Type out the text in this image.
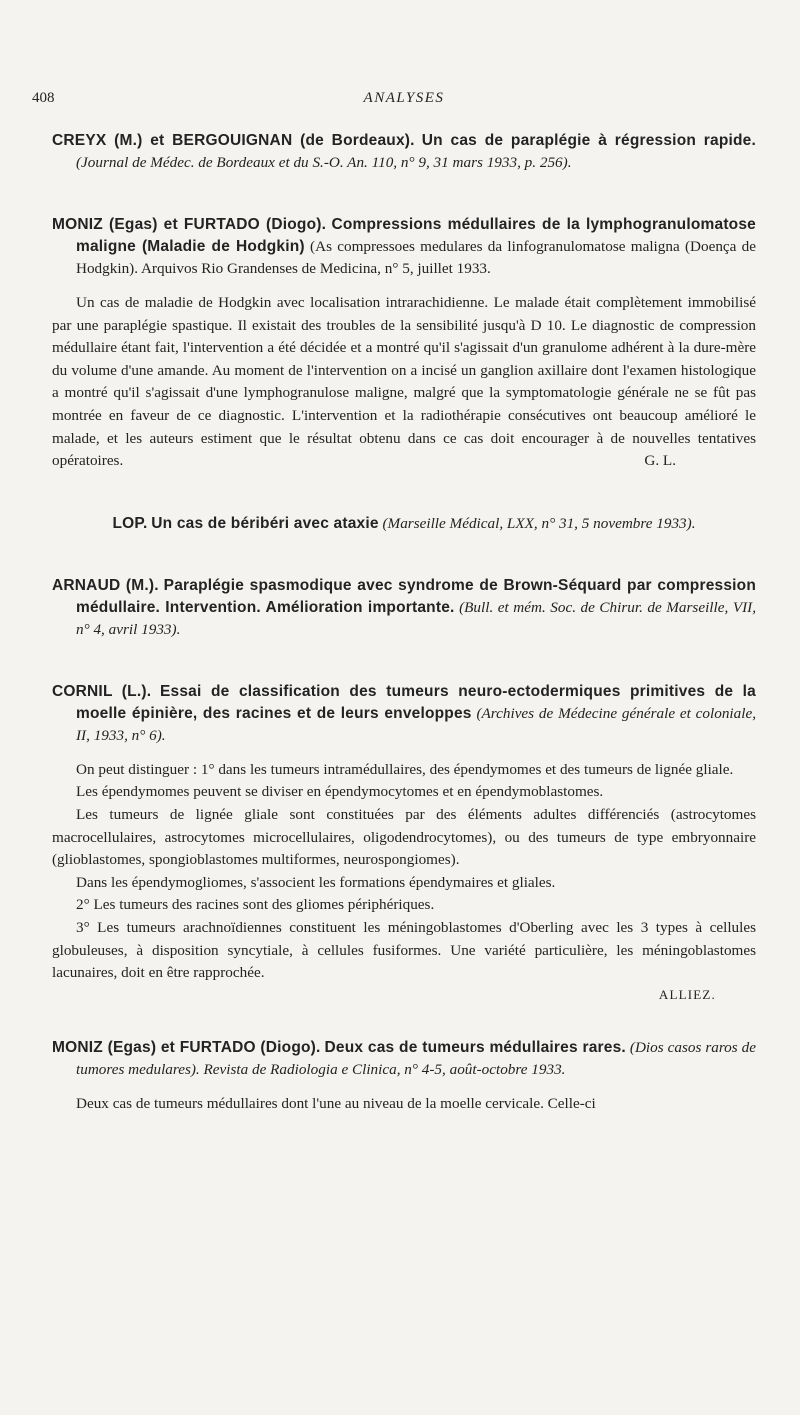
408	ANALYSES

CREYX (M.) et BERGOUIGNAN (de Bordeaux). Un cas de paraplégie à régression rapide. (Journal de Médec. de Bordeaux et du S.-O. An. 110, n° 9, 31 mars 1933, p. 256).

MONIZ (Egas) et FURTADO (Diogo). Compressions médullaires de la lymphogranulomatose maligne (Maladie de Hodgkin) (As compressoes medulares da linfogranulomatose maligna (Doença de Hodgkin). Arquivos Rio Grandenses de Medicina, n° 5, juillet 1933.

Un cas de maladie de Hodgkin avec localisation intrarachidienne. Le malade était complètement immobilisé par une paraplégie spastique. Il existait des troubles de la sensibilité jusqu'à D 10. Le diagnostic de compression médullaire étant fait, l'intervention a été décidée et a montré qu'il s'agissait d'un granulome adhérent à la dure-mère du volume d'une amande. Au moment de l'intervention on a incisé un ganglion axillaire dont l'examen histologique a montré qu'il s'agissait d'une lymphogranulose maligne, malgré que la symptomatologie générale ne se fût pas montrée en faveur de ce diagnostic. L'intervention et la radiothérapie consécutives ont beaucoup amélioré le malade, et les auteurs estiment que le résultat obtenu dans ce cas doit encourager à de nouvelles tentatives opératoires.	G. L.

LOP. Un cas de béribéri avec ataxie (Marseille Médical, LXX, n° 31, 5 novembre 1933).

ARNAUD (M.). Paraplégie spasmodique avec syndrome de Brown-Séquard par compression médullaire. Intervention. Amélioration importante. (Bull. et mém. Soc. de Chirur. de Marseille, VII, n° 4, avril 1933).

CORNIL (L.). Essai de classification des tumeurs neuro-ectodermiques primitives de la moelle épinière, des racines et de leurs enveloppes (Archives de Médecine générale et coloniale, II, 1933, n° 6).

On peut distinguer : 1° dans les tumeurs intramédullaires, des épendymomes et des tumeurs de lignée gliale.

Les épendymomes peuvent se diviser en épendymocytomes et en épendymoblastomes.

Les tumeurs de lignée gliale sont constituées par des éléments adultes différenciés (astrocytomes macrocellulaires, astrocytomes microcellulaires, oligodendrocytomes), ou des tumeurs de type embryonnaire (glioblastomes, spongioblastomes multiformes, neurospongiomes).

Dans les épendymogliomes, s'associent les formations épendymaires et gliales.

2° Les tumeurs des racines sont des gliomes périphériques.

3° Les tumeurs arachnoïdiennes constituent les méningoblastomes d'Oberling avec les 3 types à cellules globuleuses, à disposition syncytiale, à cellules fusiformes. Une variété particulière, les méningoblastomes lacunaires, doit en être rapprochée.

ALLIEZ.

MONIZ (Egas) et FURTADO (Diogo). Deux cas de tumeurs médullaires rares. (Dios casos raros de tumores medulares). Revista de Radiologia e Clinica, n° 4-5, août-octobre 1933.

Deux cas de tumeurs médullaires dont l'une au niveau de la moelle cervicale. Celle-ci
